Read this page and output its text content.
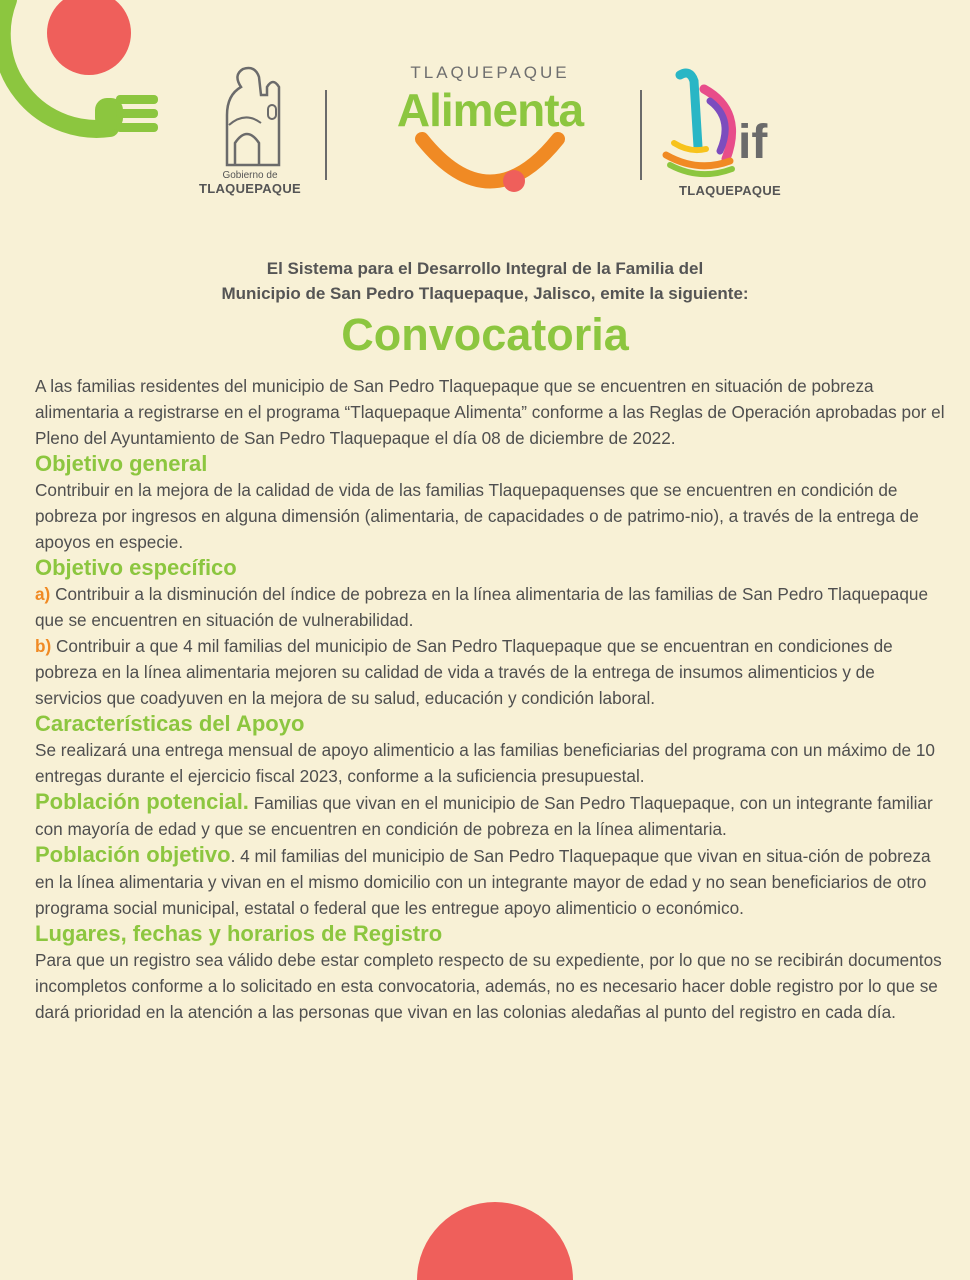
Gobierno de
TLAQUEPAQUE
TLAQUEPAQUE
Alimenta
if
TLAQUEPAQUE
El Sistema para el Desarrollo Integral de la Familia del
Municipio de San Pedro Tlaquepaque, Jalisco, emite la siguiente:
Convocatoria

A las familias residentes del municipio de San Pedro Tlaquepaque que se encuentren en situación de pobreza alimentaria a registrarse en el programa “Tlaquepaque Alimenta” conforme a las Reglas de Operación aprobadas por el Pleno del Ayuntamiento de San Pedro Tlaquepaque el día 08 de diciembre de 2022.

Objetivo general

Contribuir en la mejora de la calidad de vida de las familias Tlaquepaquenses que se encuentren en condición de pobreza por ingresos en alguna dimensión (alimentaria, de capacidades o de patrimo-nio), a través de la entrega de apoyos en especie.

Objetivo específico

a) Contribuir a la disminución del índice de pobreza en la línea alimentaria de las familias de San Pedro Tlaquepaque que se encuentren en situación de vulnerabilidad.

b) Contribuir a que 4 mil familias del municipio de San Pedro Tlaquepaque que se encuentran en condiciones de pobreza en la línea alimentaria mejoren su calidad de vida a través de la entrega de insumos alimenticios y de servicios que coadyuven en la mejora de su salud, educación y condición laboral.

Características del Apoyo

Se realizará una entrega mensual de apoyo alimenticio a las familias beneficiarias del programa con un máximo de 10 entregas durante el ejercicio fiscal 2023, conforme a la suficiencia presupuestal.

Población potencial. Familias que vivan en el municipio de San Pedro Tlaquepaque, con un integrante familiar con mayoría de edad y que se encuentren en condición de pobreza en la línea alimentaria.

Población objetivo. 4 mil familias del municipio de San Pedro Tlaquepaque que vivan en situa-ción de pobreza en la línea alimentaria y vivan en el mismo domicilio con un integrante mayor de edad y no sean beneficiarios de otro programa social municipal, estatal o federal que les entregue apoyo alimenticio o económico.

Lugares, fechas y horarios de Registro

Para que un registro sea válido debe estar completo respecto de su expediente, por lo que no se recibirán documentos incompletos conforme a lo solicitado en esta convocatoria, además, no es necesario hacer doble registro por lo que se dará prioridad en la atención a las personas que vivan en las colonias aledañas al punto del registro en cada día.
